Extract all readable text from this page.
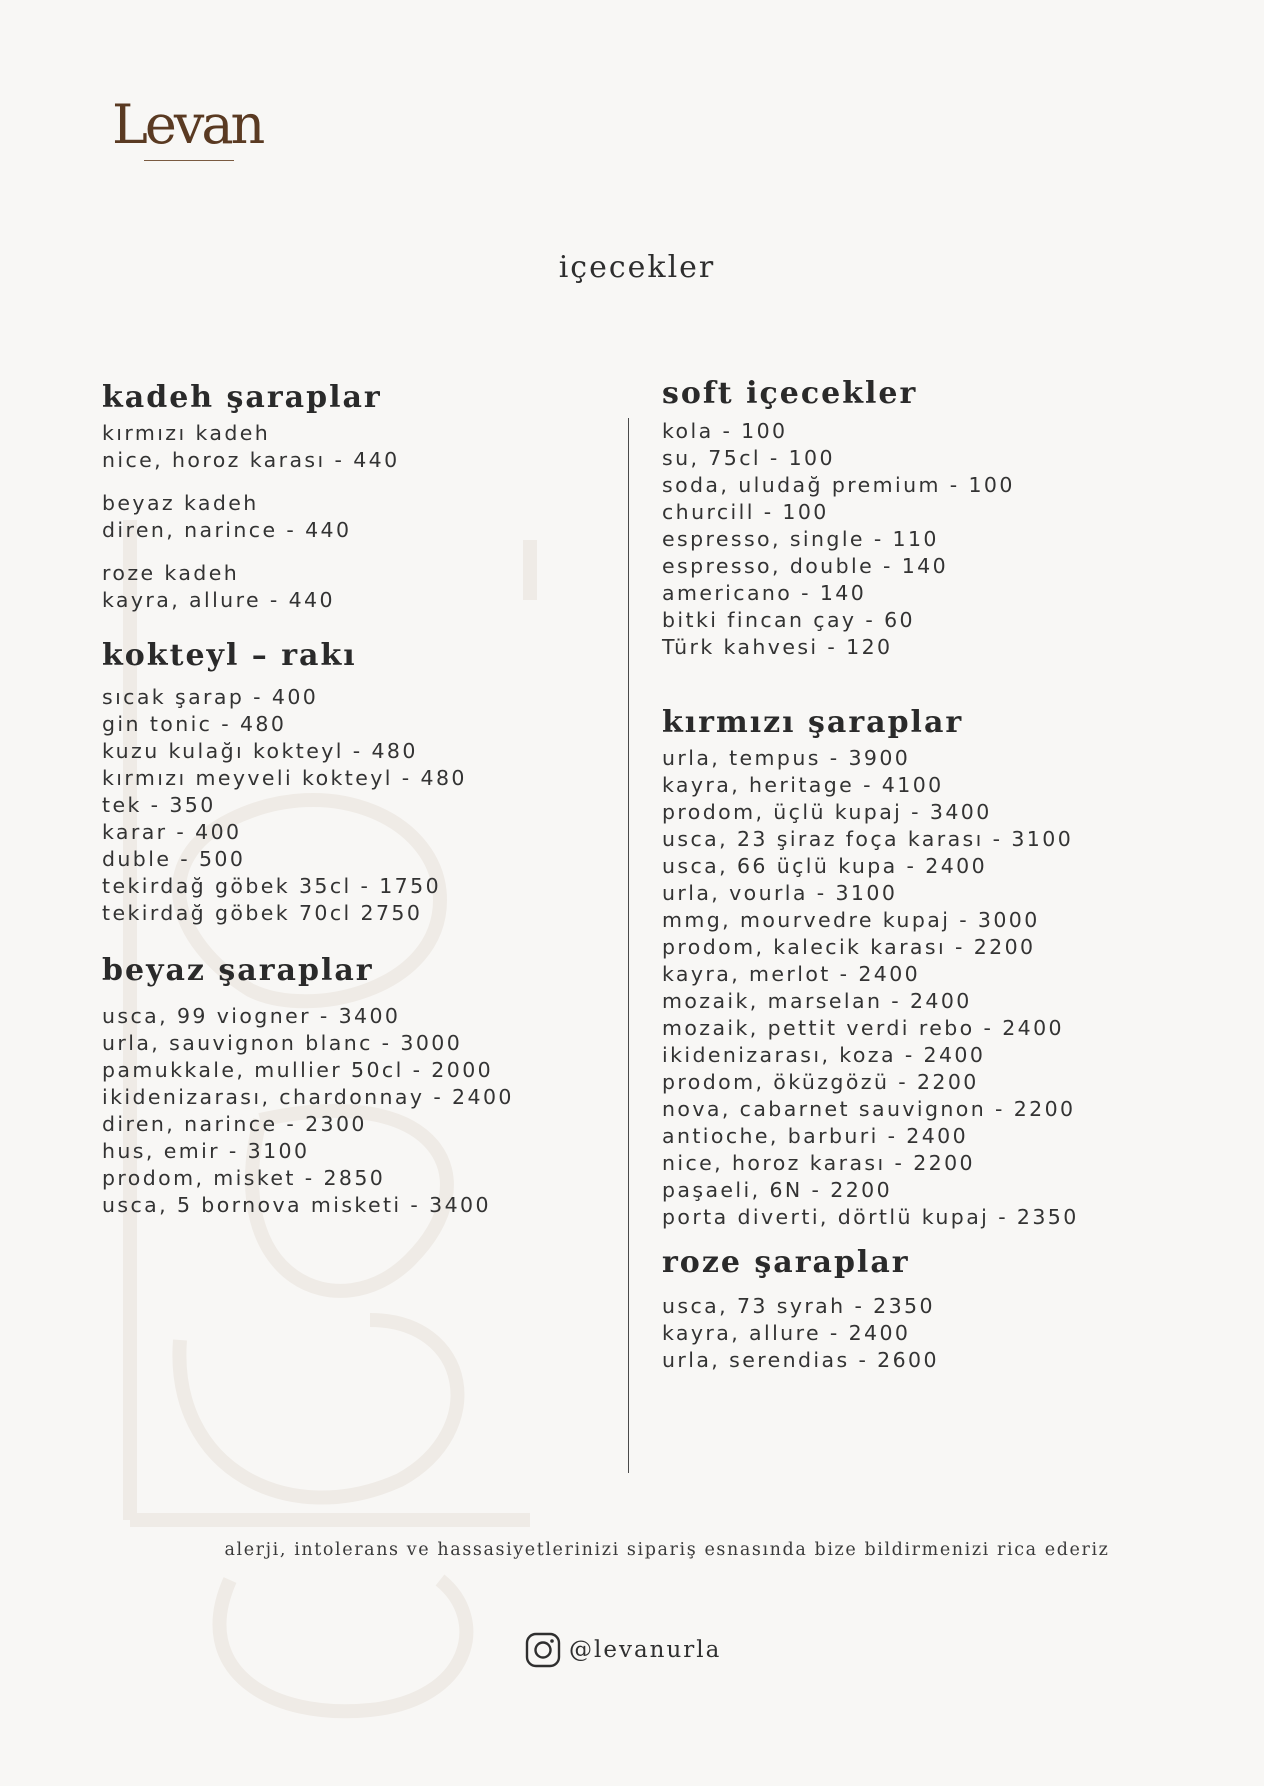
Levan
içecekler
kadeh şaraplar
kırmızı kadeh
nice, horoz karası - 440
beyaz kadeh
diren, narince - 440
roze kadeh
kayra, allure - 440
kokteyl – rakı
sıcak şarap - 400
gin tonic - 480
kuzu kulağı kokteyl - 480
kırmızı meyveli kokteyl - 480
tek - 350
karar - 400
duble - 500
tekirdağ göbek 35cl - 1750
tekirdağ göbek 70cl 2750
beyaz şaraplar
usca, 99 viogner - 3400
urla, sauvignon blanc - 3000
pamukkale, mullier 50cl - 2000
ikidenizarası, chardonnay - 2400
diren, narince - 2300
hus, emir - 3100
prodom, misket - 2850
usca, 5 bornova misketi - 3400
soft içecekler
kola - 100
su, 75cl - 100
soda, uludağ premium - 100
churcill - 100
espresso, single - 110
espresso, double - 140
americano - 140
bitki fincan çay - 60
Türk kahvesi - 120
kırmızı şaraplar
urla, tempus - 3900
kayra, heritage - 4100
prodom, üçlü kupaj - 3400
usca, 23 şiraz foça karası - 3100
usca, 66 üçlü kupa - 2400
urla, vourla - 3100
mmg, mourvedre kupaj - 3000
prodom, kalecik karası - 2200
kayra, merlot - 2400
mozaik, marselan - 2400
mozaik, pettit verdi rebo - 2400
ikidenizarası, koza - 2400
prodom, öküzgözü - 2200
nova, cabarnet sauvignon - 2200
antioche, barburi - 2400
nice, horoz karası - 2200
paşaeli, 6N - 2200
porta diverti, dörtlü kupaj - 2350
roze şaraplar
usca, 73 syrah - 2350
kayra, allure - 2400
urla, serendias - 2600
alerji, intolerans ve hassasiyetlerinizi sipariş esnasında bize bildirmenizi rica ederiz
@levanurla
